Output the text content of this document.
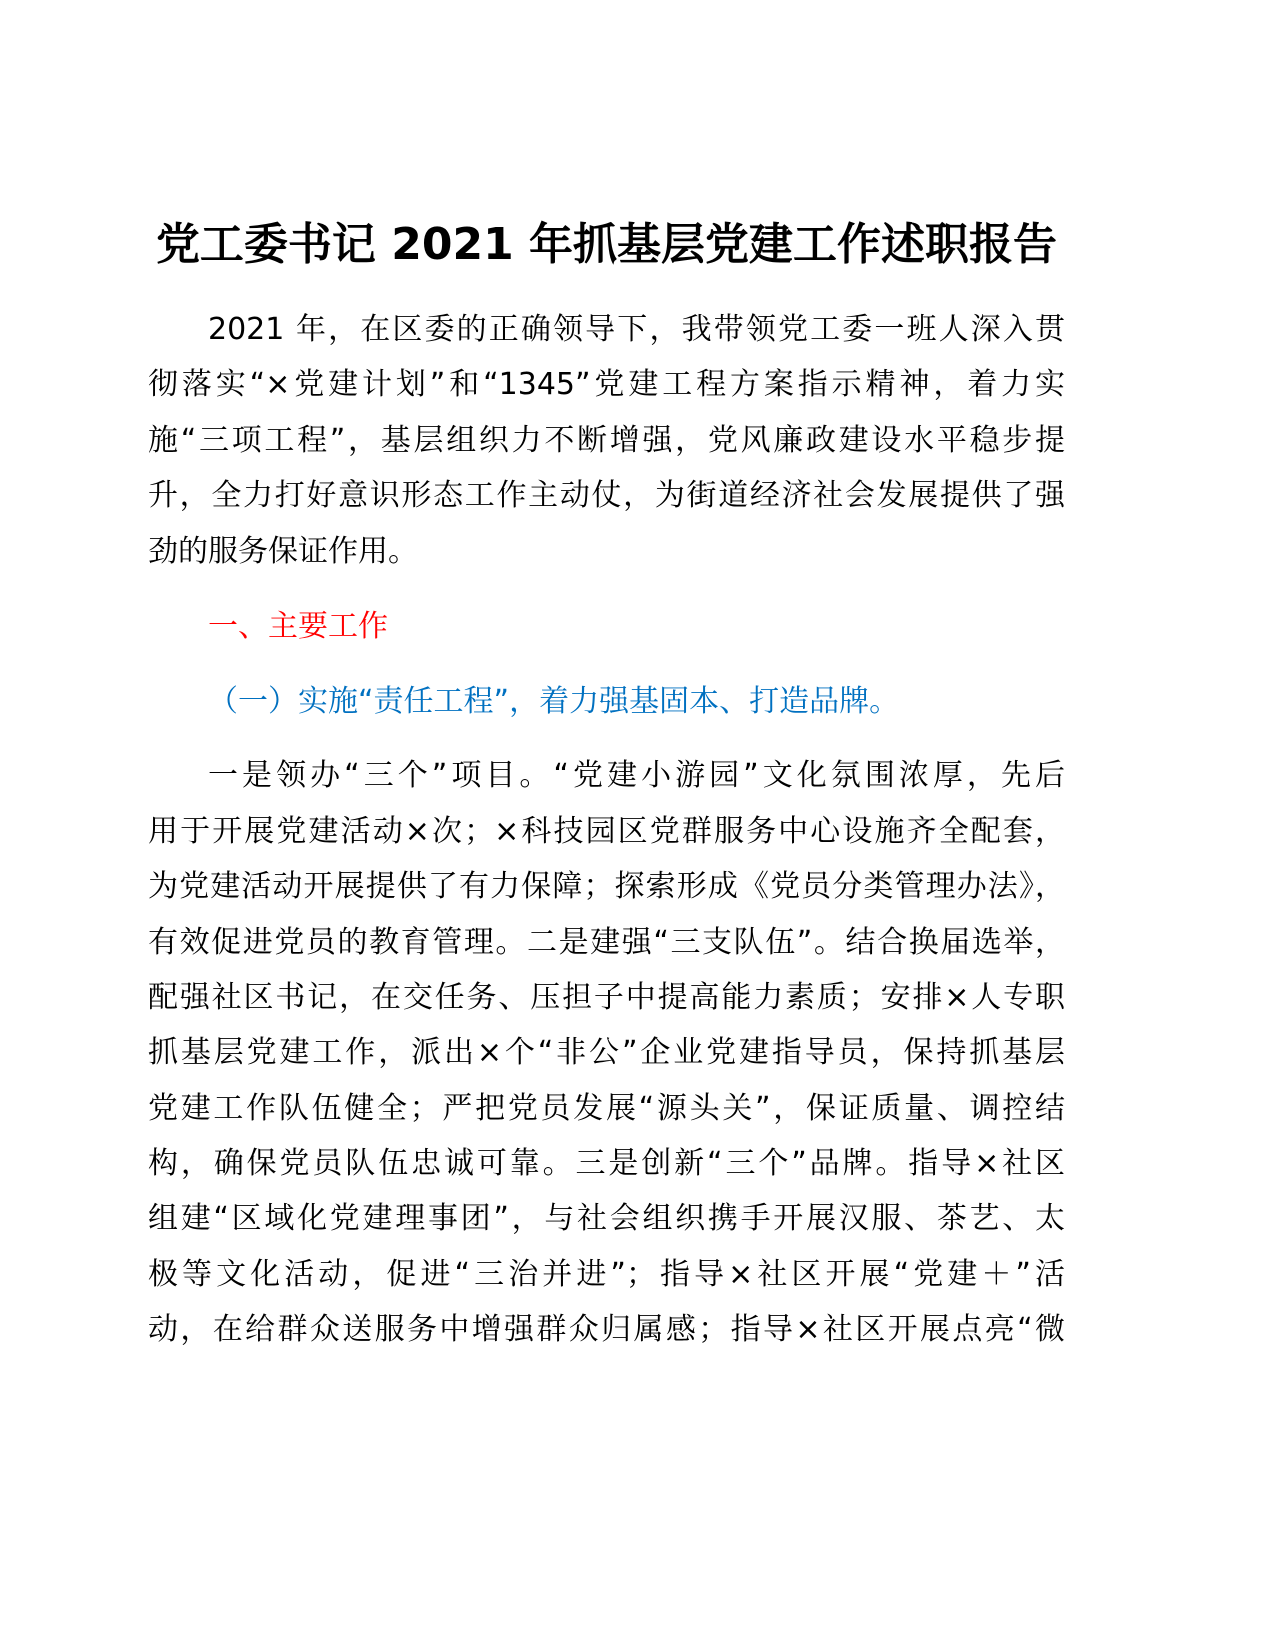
党工委书记 2021 年抓基层党建工作述职报告
2021 年，在区委的正确领导下，我带领党工委一班人深入贯
彻落实“×党建计划”和“1345”党建工程方案指示精神，着力实
施“三项工程”，基层组织力不断增强，党风廉政建设水平稳步提
升，全力打好意识形态工作主动仗，为街道经济社会发展提供了强
劲的服务保证作用。
一、主要工作
（一）实施“责任工程”，着力强基固本、打造品牌。
一是领办“三个”项目。“党建小游园”文化氛围浓厚，先后
用于开展党建活动×次；×科技园区党群服务中心设施齐全配套，
为党建活动开展提供了有力保障；探索形成《党员分类管理办法》，
有效促进党员的教育管理。二是建强“三支队伍”。结合换届选举，
配强社区书记，在交任务、压担子中提高能力素质；安排×人专职
抓基层党建工作，派出×个“非公”企业党建指导员，保持抓基层
党建工作队伍健全；严把党员发展“源头关”，保证质量、调控结
构，确保党员队伍忠诚可靠。三是创新“三个”品牌。指导×社区
组建“区域化党建理事团”，与社会组织携手开展汉服、茶艺、太
极等文化活动，促进“三治并进”；指导×社区开展“党建＋”活
动，在给群众送服务中增强群众归属感；指导×社区开展点亮“微
